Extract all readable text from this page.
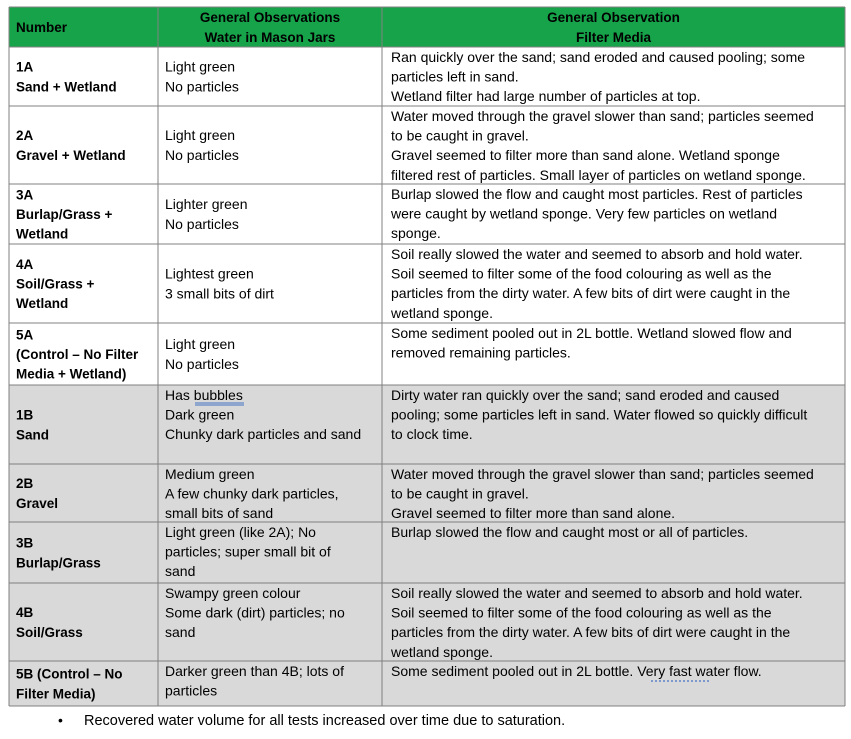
Number
General Observations Water in Mason Jars
General Observation Filter Media
1A Sand + Wetland
Light green No particles
Ran quickly over the sand; sand eroded and caused pooling; some particles left in sand. Wetland filter had large number of particles at top.
2A Gravel + Wetland
Light green No particles
Water moved through the gravel slower than sand; particles seemed to be caught in gravel. Gravel seemed to filter more than sand alone. Wetland sponge filtered rest of particles. Small layer of particles on wetland sponge.
3A Burlap/Grass + Wetland
Lighter green No particles
Burlap slowed the flow and caught most particles. Rest of particles were caught by wetland sponge. Very few particles on wetland sponge.
4A Soil/Grass + Wetland
Lightest green 3 small bits of dirt
Soil really slowed the water and seemed to absorb and hold water. Soil seemed to filter some of the food colouring as well as the particles from the dirty water. A few bits of dirt were caught in the wetland sponge.
5A (Control – No Filter Media + Wetland)
Light green No particles
Some sediment pooled out in 2L bottle. Wetland slowed flow and removed remaining particles.
1B Sand
Has bubbles Dark green Chunky dark particles and sand
Dirty water ran quickly over the sand; sand eroded and caused pooling; some particles left in sand. Water flowed so quickly difficult to clock time.
2B Gravel
Medium green A few chunky dark particles, small bits of sand
Water moved through the gravel slower than sand; particles seemed to be caught in gravel. Gravel seemed to filter more than sand alone.
3B Burlap/Grass
Light green (like 2A); No particles; super small bit of sand
Burlap slowed the flow and caught most or all of particles.
4B Soil/Grass
Swampy green colour Some dark (dirt) particles; no sand
Soil really slowed the water and seemed to absorb and hold water. Soil seemed to filter some of the food colouring as well as the particles from the dirty water. A few bits of dirt were caught in the wetland sponge.
5B (Control – No Filter Media)
Darker green than 4B; lots of particles
Some sediment pooled out in 2L bottle. Very fast water flow.
• Recovered water volume for all tests increased over time due to saturation.
